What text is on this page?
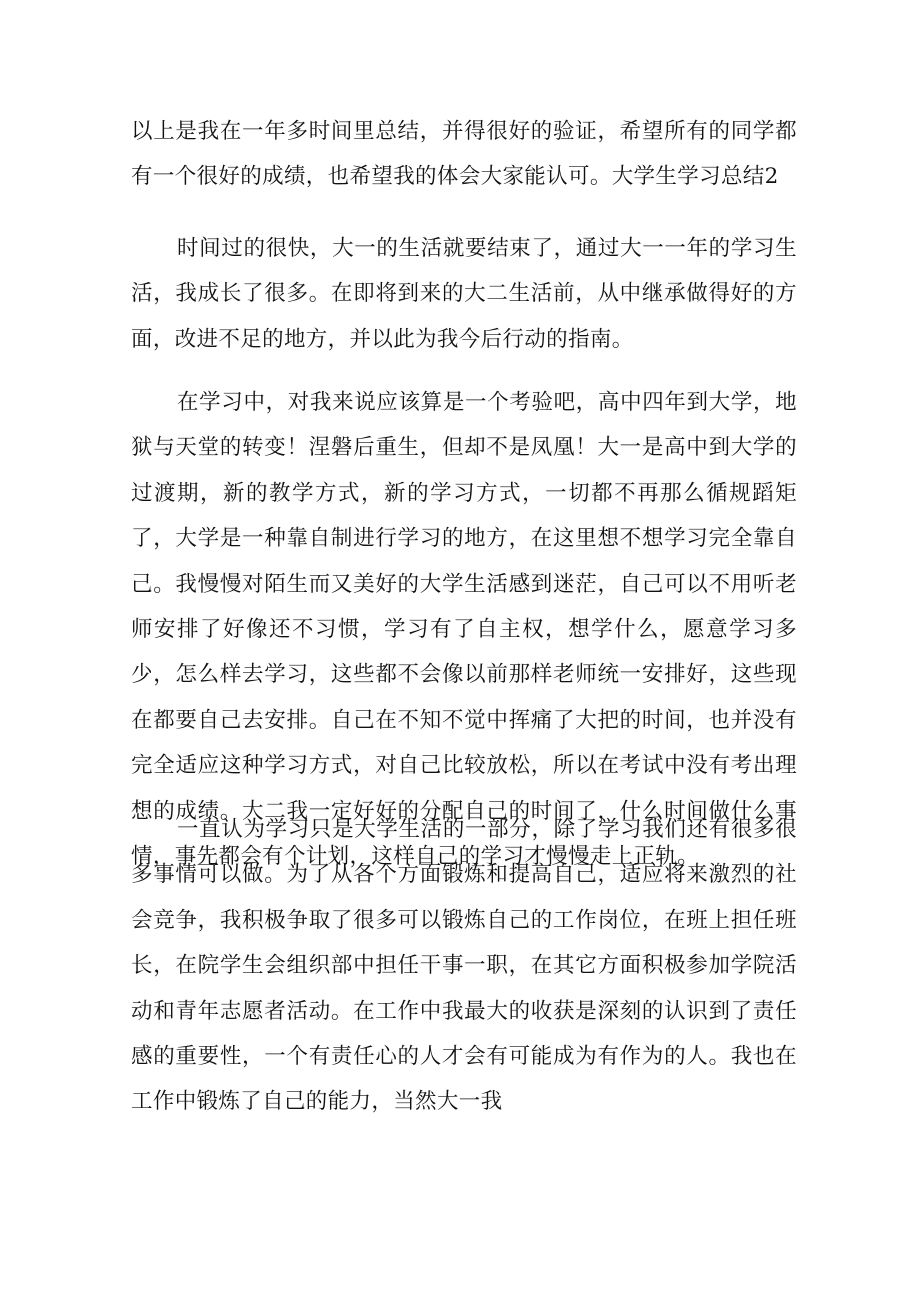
以上是我在一年多时间里总结，并得很好的验证，希望所有的同学都有一个很好的成绩，也希望我的体会大家能认可。大学生学习总结2

时间过的很快，大一的生活就要结束了，通过大一一年的学习生活，我成长了很多。在即将到来的大二生活前，从中继承做得好的方面，改进不足的地方，并以此为我今后行动的指南。

在学习中，对我来说应该算是一个考验吧，高中四年到大学，地狱与天堂的转变！涅磐后重生，但却不是凤凰！大一是高中到大学的过渡期，新的教学方式，新的学习方式，一切都不再那么循规蹈矩了，大学是一种靠自制进行学习的地方，在这里想不想学习完全靠自己。我慢慢对陌生而又美好的大学生活感到迷茫，自己可以不用听老师安排了好像还不习惯，学习有了自主权，想学什么，愿意学习多少，怎么样去学习，这些都不会像以前那样老师统一安排好，这些现在都要自己去安排。自己在不知不觉中挥痛了大把的时间，也并没有完全适应这种学习方式，对自己比较放松，所以在考试中没有考出理想的成绩。大二我一定好好的分配自己的时间了，什么时间做什么事情，事先都会有个计划，这样自己的学习才慢慢走上正轨。

一直认为学习只是大学生活的一部分，除了学习我们还有很多很多事情可以做。为了从各个方面锻炼和提高自己，适应将来激烈的社会竞争，我积极争取了很多可以锻炼自己的工作岗位，在班上担任班长，在院学生会组织部中担任干事一职，在其它方面积极参加学院活动和青年志愿者活动。在工作中我最大的收获是深刻的认识到了责任感的重要性，一个有责任心的人才会有可能成为有作为的人。我也在工作中锻炼了自己的能力，当然大一我
